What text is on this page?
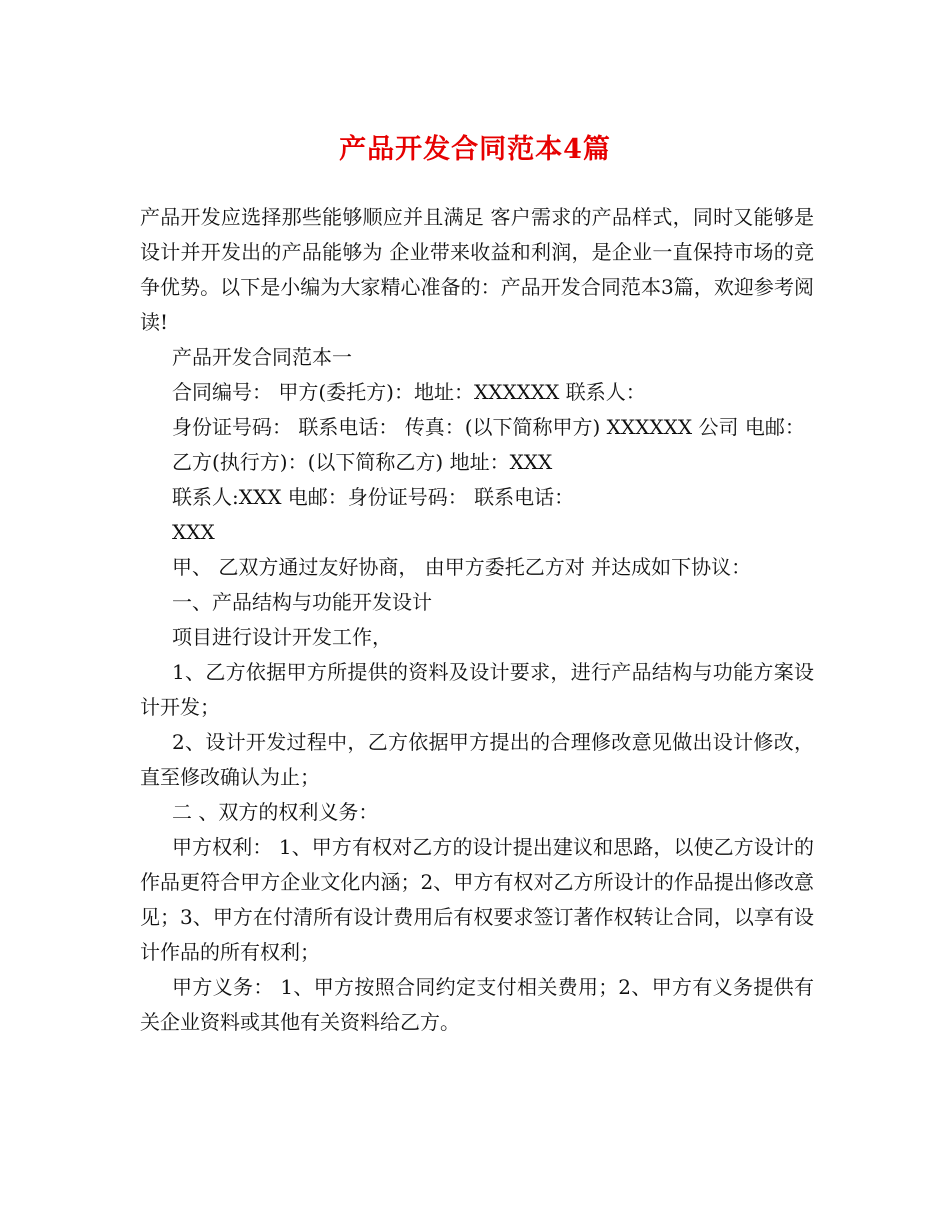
产品开发合同范本4篇

产品开发应选择那些能够顺应并且满足 客户需求的产品样式，同时又能够是设计并开发出的产品能够为 企业带来收益和利润，是企业一直保持市场的竞争优势。以下是小编为大家精心准备的：产品开发合同范本3篇，欢迎参考阅读!

产品开发合同范本一

合同编号： 甲方(委托方)：地址：XXXXXX 联系人：

身份证号码： 联系电话： 传真：(以下简称甲方) XXXXXX 公司 电邮：

乙方(执行方)：(以下简称乙方) 地址：XXX

联系人:XXX 电邮：身份证号码： 联系电话：

XXX

甲、 乙双方通过友好协商， 由甲方委托乙方对 并达成如下协议：

一、产品结构与功能开发设计

项目进行设计开发工作，

1、乙方依据甲方所提供的资料及设计要求，进行产品结构与功能方案设计开发；

2、设计开发过程中，乙方依据甲方提出的合理修改意见做出设计修改，直至修改确认为止；

二 、双方的权利义务：

甲方权利： 1、甲方有权对乙方的设计提出建议和思路，以使乙方设计的作品更符合甲方企业文化内涵；2、甲方有权对乙方所设计的作品提出修改意见；3、甲方在付清所有设计费用后有权要求签订著作权转让合同，以享有设计作品的所有权利；

甲方义务： 1、甲方按照合同约定支付相关费用；2、甲方有义务提供有关企业资料或其他有关资料给乙方。
